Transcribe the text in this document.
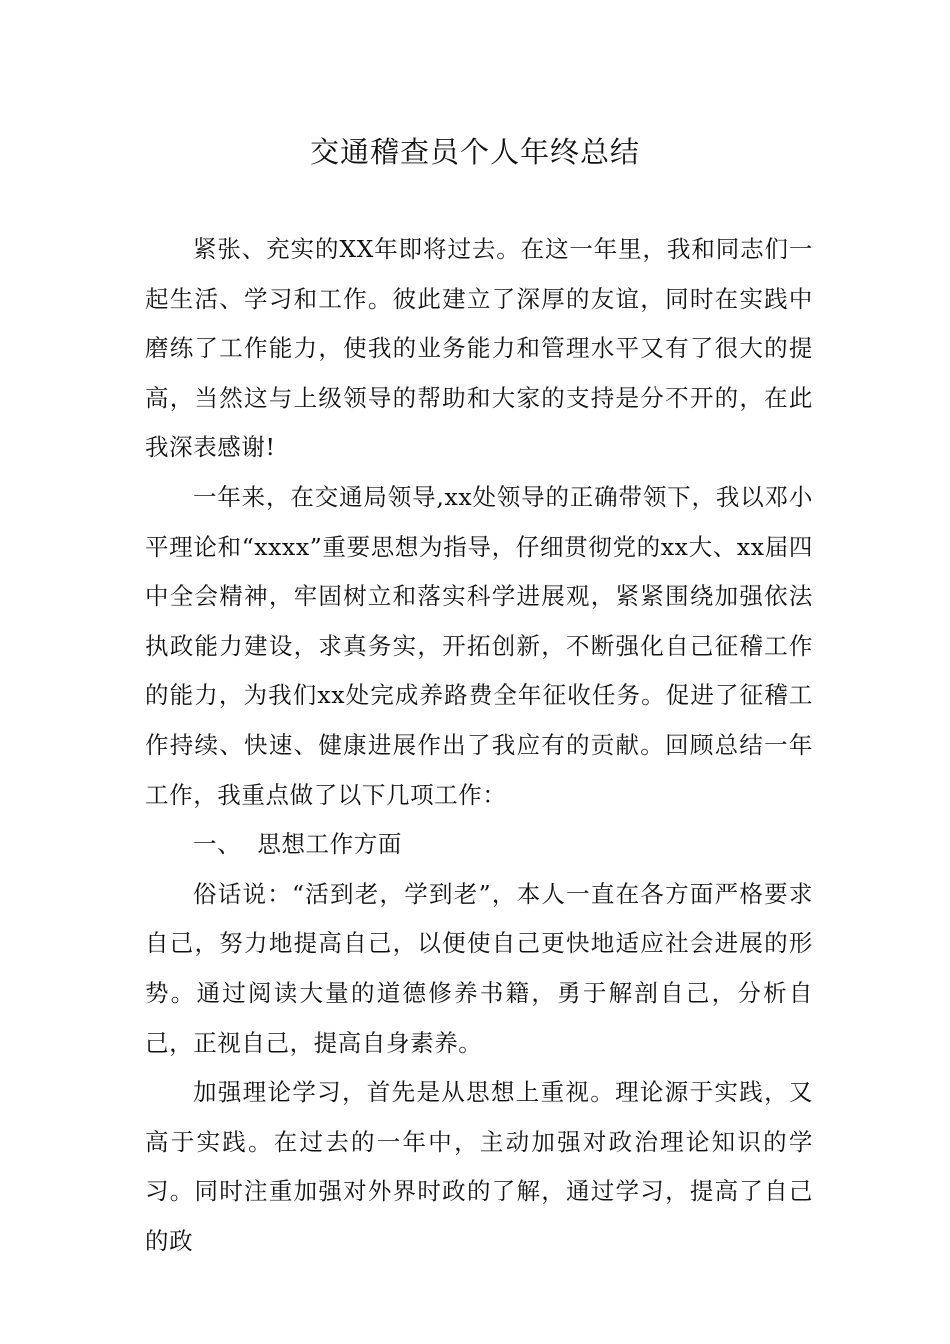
交通稽查员个人年终总结

紧张、充实的XX年即将过去。在这一年里，我和同志们一起生活、学习和工作。彼此建立了深厚的友谊，同时在实践中磨练了工作能力，使我的业务能力和管理水平又有了很大的提高，当然这与上级领导的帮助和大家的支持是分不开的，在此我深表感谢!

一年来，在交通局领导,xx处领导的正确带领下，我以邓小平理论和“xxxx”重要思想为指导，仔细贯彻党的xx大、xx届四中全会精神，牢固树立和落实科学进展观，紧紧围绕加强依法执政能力建设，求真务实，开拓创新，不断强化自己征稽工作的能力，为我们xx处完成养路费全年征收任务。促进了征稽工作持续、快速、健康进展作出了我应有的贡献。回顾总结一年工作，我重点做了以下几项工作：

一、  思想工作方面

俗话说：“活到老，学到老”，本人一直在各方面严格要求自己，努力地提高自己，以便使自己更快地适应社会进展的形势。通过阅读大量的道德修养书籍，勇于解剖自己，分析自己，正视自己，提高自身素养。

加强理论学习，首先是从思想上重视。理论源于实践，又高于实践。在过去的一年中，主动加强对政治理论知识的学习。同时注重加强对外界时政的了解，通过学习，提高了自己的政
